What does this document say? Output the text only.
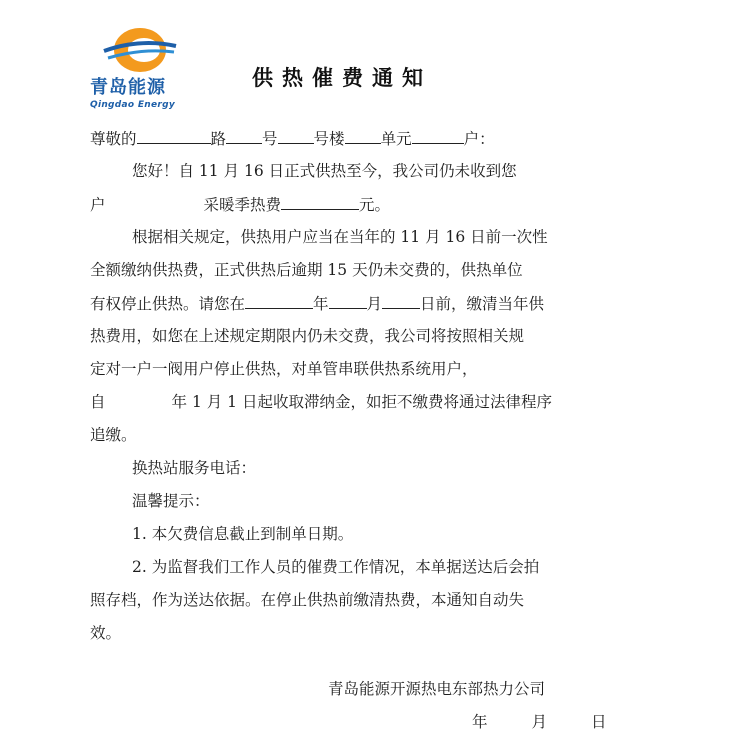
青岛能源
Qingdao Energy
供热催费通知
尊敬的	路 号 号楼 单元	户：
您好！自 11 月 16 日正式供热至今，我公司仍未收到您
户	采暖季热费	元。
根据相关规定，供热用户应当在当年的 11 月 16 日前一次性
全额缴纳供热费，正式供热后逾期 15 天仍未交费的，供热单位
有权停止供热。请您在	年 月 日前，缴清当年供
热费用，如您在上述规定期限内仍未交费，我公司将按照相关规
定对一户一阀用户停止供热，对单管串联供热系统用户，
自	年 1 月 1 日起收取滞纳金，如拒不缴费将通过法律程序
追缴。
换热站服务电话：
温馨提示：
1. 本欠费信息截止到制单日期。
2. 为监督我们工作人员的催费工作情况，本单据送达后会拍
照存档，作为送达依据。在停止供热前缴清热费，本通知自动失
效。
青岛能源开源热电东部热力公司
年	月	日
